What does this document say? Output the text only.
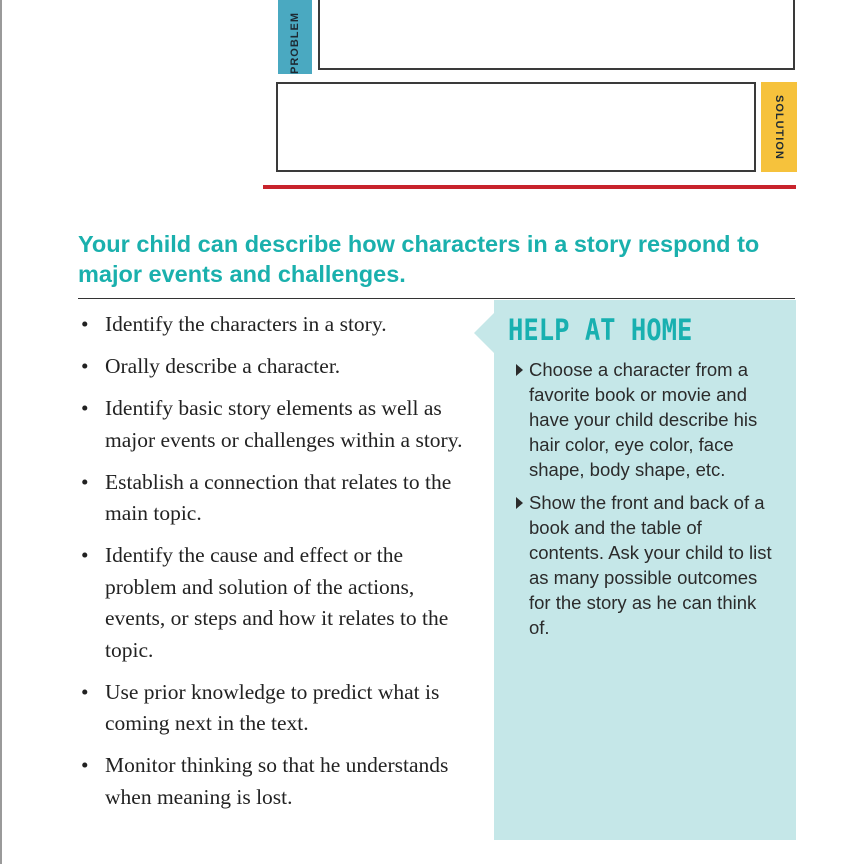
PROBLEM
SOLUTION
Your child can describe how characters in a story respond to major events and challenges.
• Identify the characters in a story.
• Orally describe a character.
• Identify basic story elements as well as major events or challenges within a story.
• Establish a connection that relates to the main topic.
• Identify the cause and effect or the problem and solution of the actions, events, or steps and how it relates to the topic.
• Use prior knowledge to predict what is coming next in the text.
• Monitor thinking so that he understands when meaning is lost.
HELP AT HOME
Choose a character from a favorite book or movie and have your child describe his hair color, eye color, face shape, body shape, etc.
Show the front and back of a book and the table of contents. Ask your child to list as many possible outcomes for the story as he can think of.
